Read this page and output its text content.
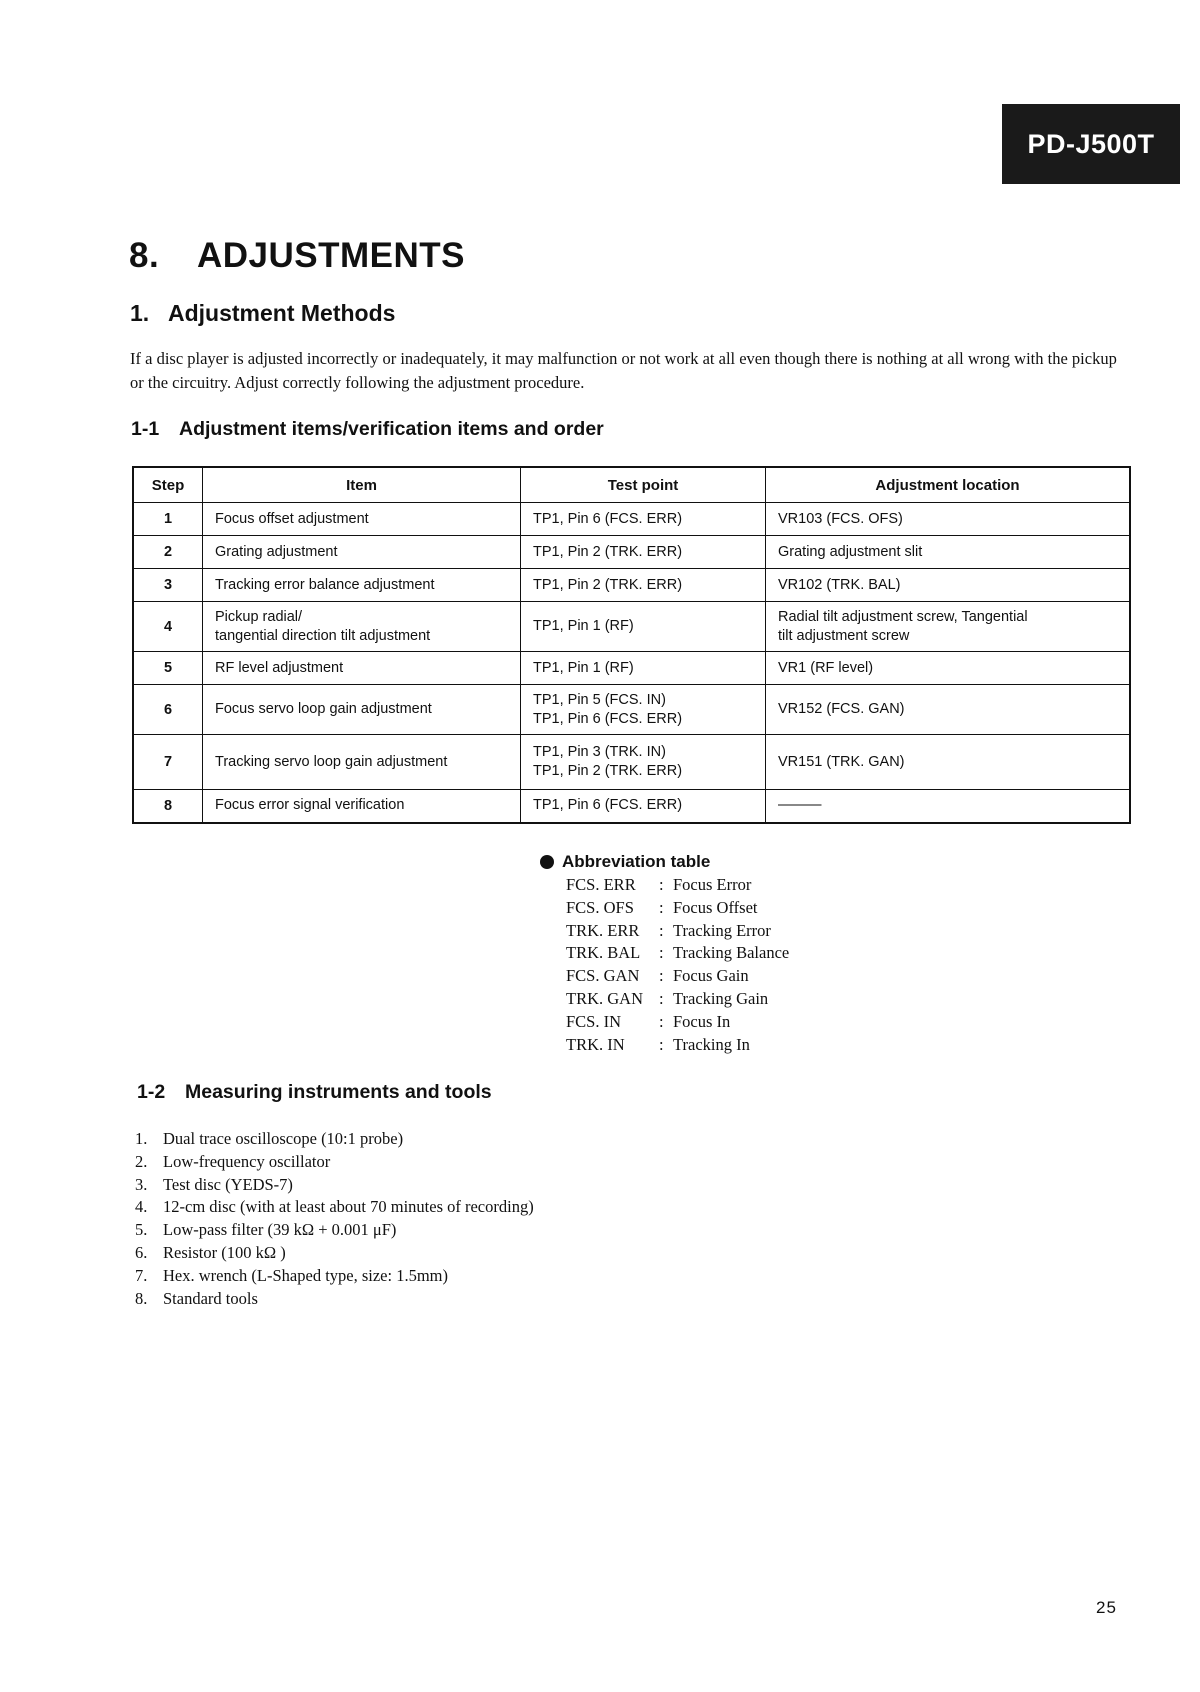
PD-J500T
8. ADJUSTMENTS
1. Adjustment Methods

If a disc player is adjusted incorrectly or inadequately, it may malfunction or not work at all even though there is nothing at all wrong with the pickup or the circuitry. Adjust correctly following the adjustment procedure.

1-1 Adjustment items/verification items and order
Step	Item	Test point	Adjustment location
1	Focus offset adjustment	TP1, Pin 6 (FCS. ERR)	VR103 (FCS. OFS)

2	Grating adjustment	TP1, Pin 2 (TRK. ERR)	Grating adjustment slit

3	Tracking error balance adjustment	TP1, Pin 2 (TRK. ERR)	VR102 (TRK. BAL)

4	Pickup radial/
tangential direction tilt adjustment	TP1, Pin 1 (RF)	Radial tilt adjustment screw, Tangential
tilt adjustment screw

5	RF level adjustment	TP1, Pin 1 (RF)	VR1 (RF level)

6	Focus servo loop gain adjustment	TP1, Pin 5 (FCS. IN)
TP1, Pin 6 (FCS. ERR)	VR152 (FCS. GAN)

7	Tracking servo loop gain adjustment	TP1, Pin 3 (TRK. IN)
TP1, Pin 2 (TRK. ERR)	VR151 (TRK. GAN)

8	Focus error signal verification	TP1, Pin 6 (FCS. ERR)	———

Abbreviation table

FCS. ERR	: Focus Error
FCS. OFS	: Focus Offset
TRK. ERR	: Tracking Error
TRK. BAL	: Tracking Balance
FCS. GAN	: Focus Gain
TRK. GAN : Tracking Gain
FCS. IN	: Focus In
TRK. IN	: Tracking In
1-2 Measuring instruments and tools
1. Dual trace oscilloscope (10:1 probe)
2. Low-frequency oscillator
3. Test disc (YEDS-7)
4. 12-cm disc (with at least about 70 minutes of recording)
5. Low-pass filter (39 kΩ + 0.001 μF)
6. Resistor (100 kΩ )
7. Hex. wrench (L-Shaped type, size: 1.5mm)
8. Standard tools
25
